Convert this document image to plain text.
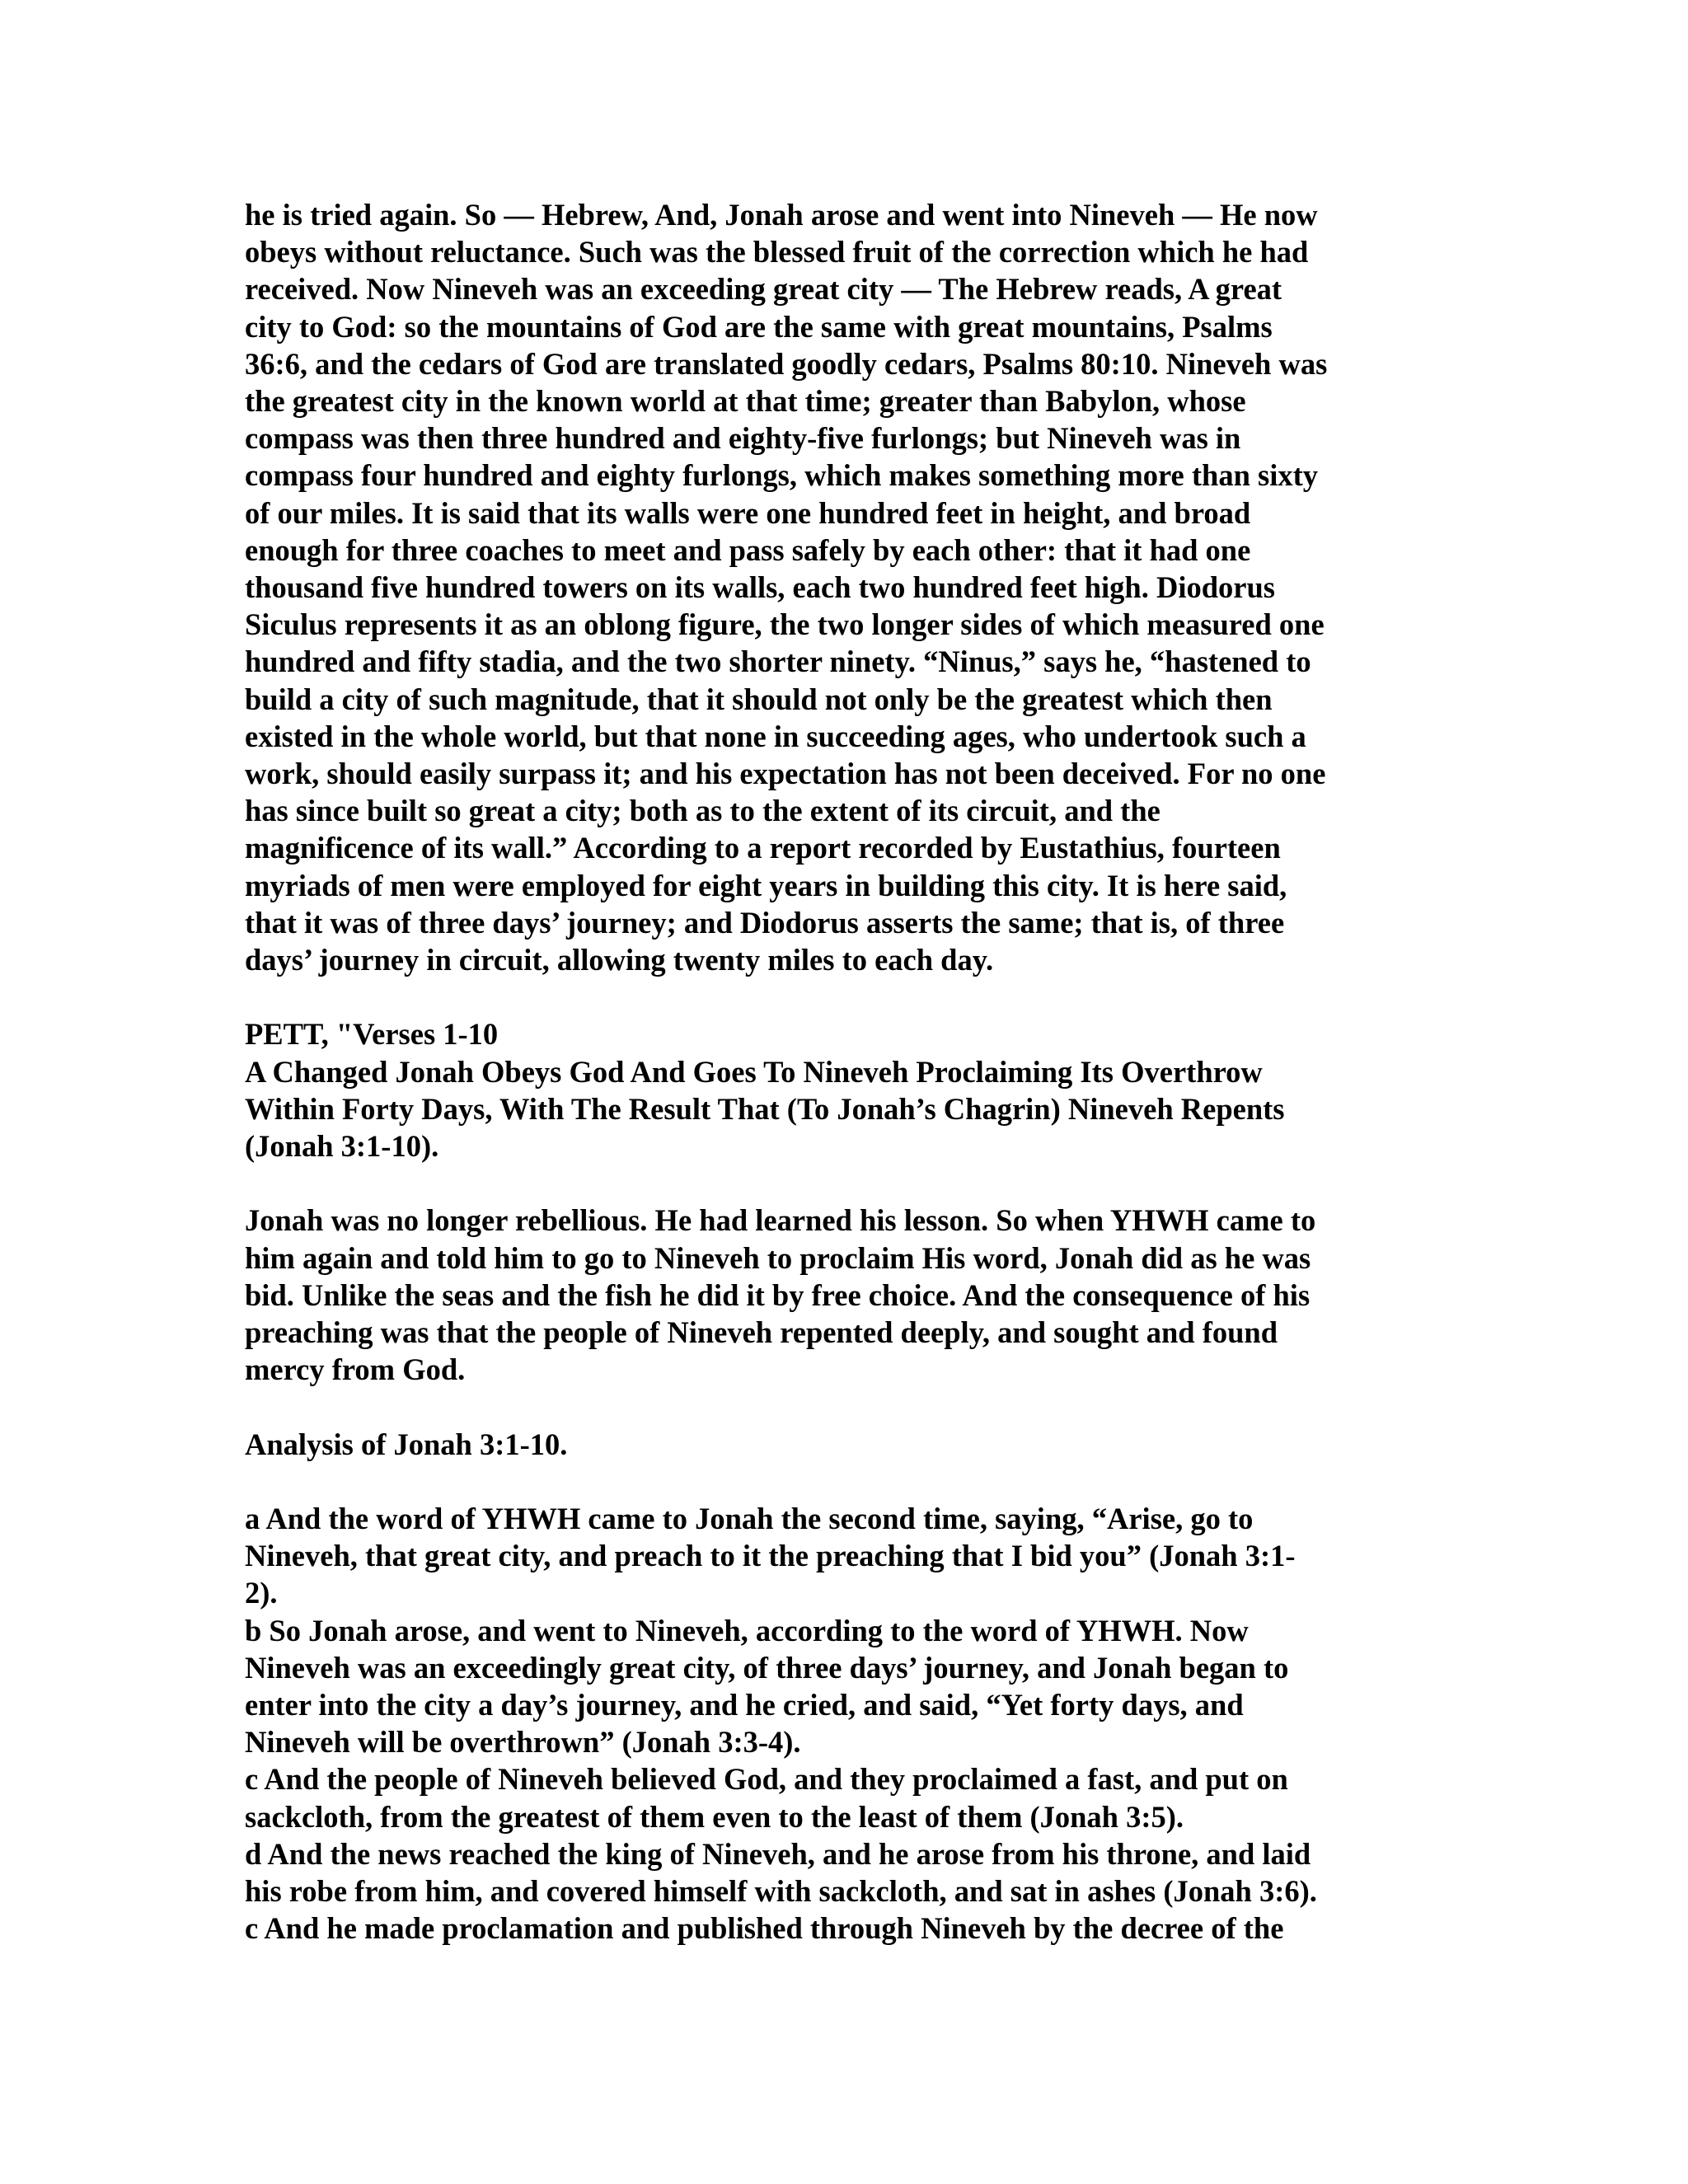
he is tried again. So — Hebrew, And, Jonah arose and went into Nineveh — He now
obeys without reluctance. Such was the blessed fruit of the correction which he had
received. Now Nineveh was an exceeding great city — The Hebrew reads, A great
city to God: so the mountains of God are the same with great mountains, Psalms
36:6, and the cedars of God are translated goodly cedars, Psalms 80:10. Nineveh was
the greatest city in the known world at that time; greater than Babylon, whose
compass was then three hundred and eighty-five furlongs; but Nineveh was in
compass four hundred and eighty furlongs, which makes something more than sixty
of our miles. It is said that its walls were one hundred feet in height, and broad
enough for three coaches to meet and pass safely by each other: that it had one
thousand five hundred towers on its walls, each two hundred feet high. Diodorus
Siculus represents it as an oblong figure, the two longer sides of which measured one
hundred and fifty stadia, and the two shorter ninety. “Ninus,” says he, “hastened to
build a city of such magnitude, that it should not only be the greatest which then
existed in the whole world, but that none in succeeding ages, who undertook such a
work, should easily surpass it; and his expectation has not been deceived. For no one
has since built so great a city; both as to the extent of its circuit, and the
magnificence of its wall.” According to a report recorded by Eustathius, fourteen
myriads of men were employed for eight years in building this city. It is here said,
that it was of three days’ journey; and Diodorus asserts the same; that is, of three
days’ journey in circuit, allowing twenty miles to each day.

PETT, "Verses 1-10

A Changed Jonah Obeys God And Goes To Nineveh Proclaiming Its Overthrow
Within Forty Days, With The Result That (To Jonah’s Chagrin) Nineveh Repents
(Jonah 3:1-10).

Jonah was no longer rebellious. He had learned his lesson. So when YHWH came to
him again and told him to go to Nineveh to proclaim His word, Jonah did as he was
bid. Unlike the seas and the fish he did it by free choice. And the consequence of his
preaching was that the people of Nineveh repented deeply, and sought and found
mercy from God.

Analysis of Jonah 3:1-10.

a And the word of YHWH came to Jonah the second time, saying, “Arise, go to
Nineveh, that great city, and preach to it the preaching that I bid you” (Jonah 3:1-
2).

b So Jonah arose, and went to Nineveh, according to the word of YHWH. Now
Nineveh was an exceedingly great city, of three days’ journey, and Jonah began to
enter into the city a day’s journey, and he cried, and said, “Yet forty days, and
Nineveh will be overthrown” (Jonah 3:3-4).

c And the people of Nineveh believed God, and they proclaimed a fast, and put on
sackcloth, from the greatest of them even to the least of them (Jonah 3:5).

d And the news reached the king of Nineveh, and he arose from his throne, and laid
his robe from him, and covered himself with sackcloth, and sat in ashes (Jonah 3:6).

c And he made proclamation and published through Nineveh by the decree of the
